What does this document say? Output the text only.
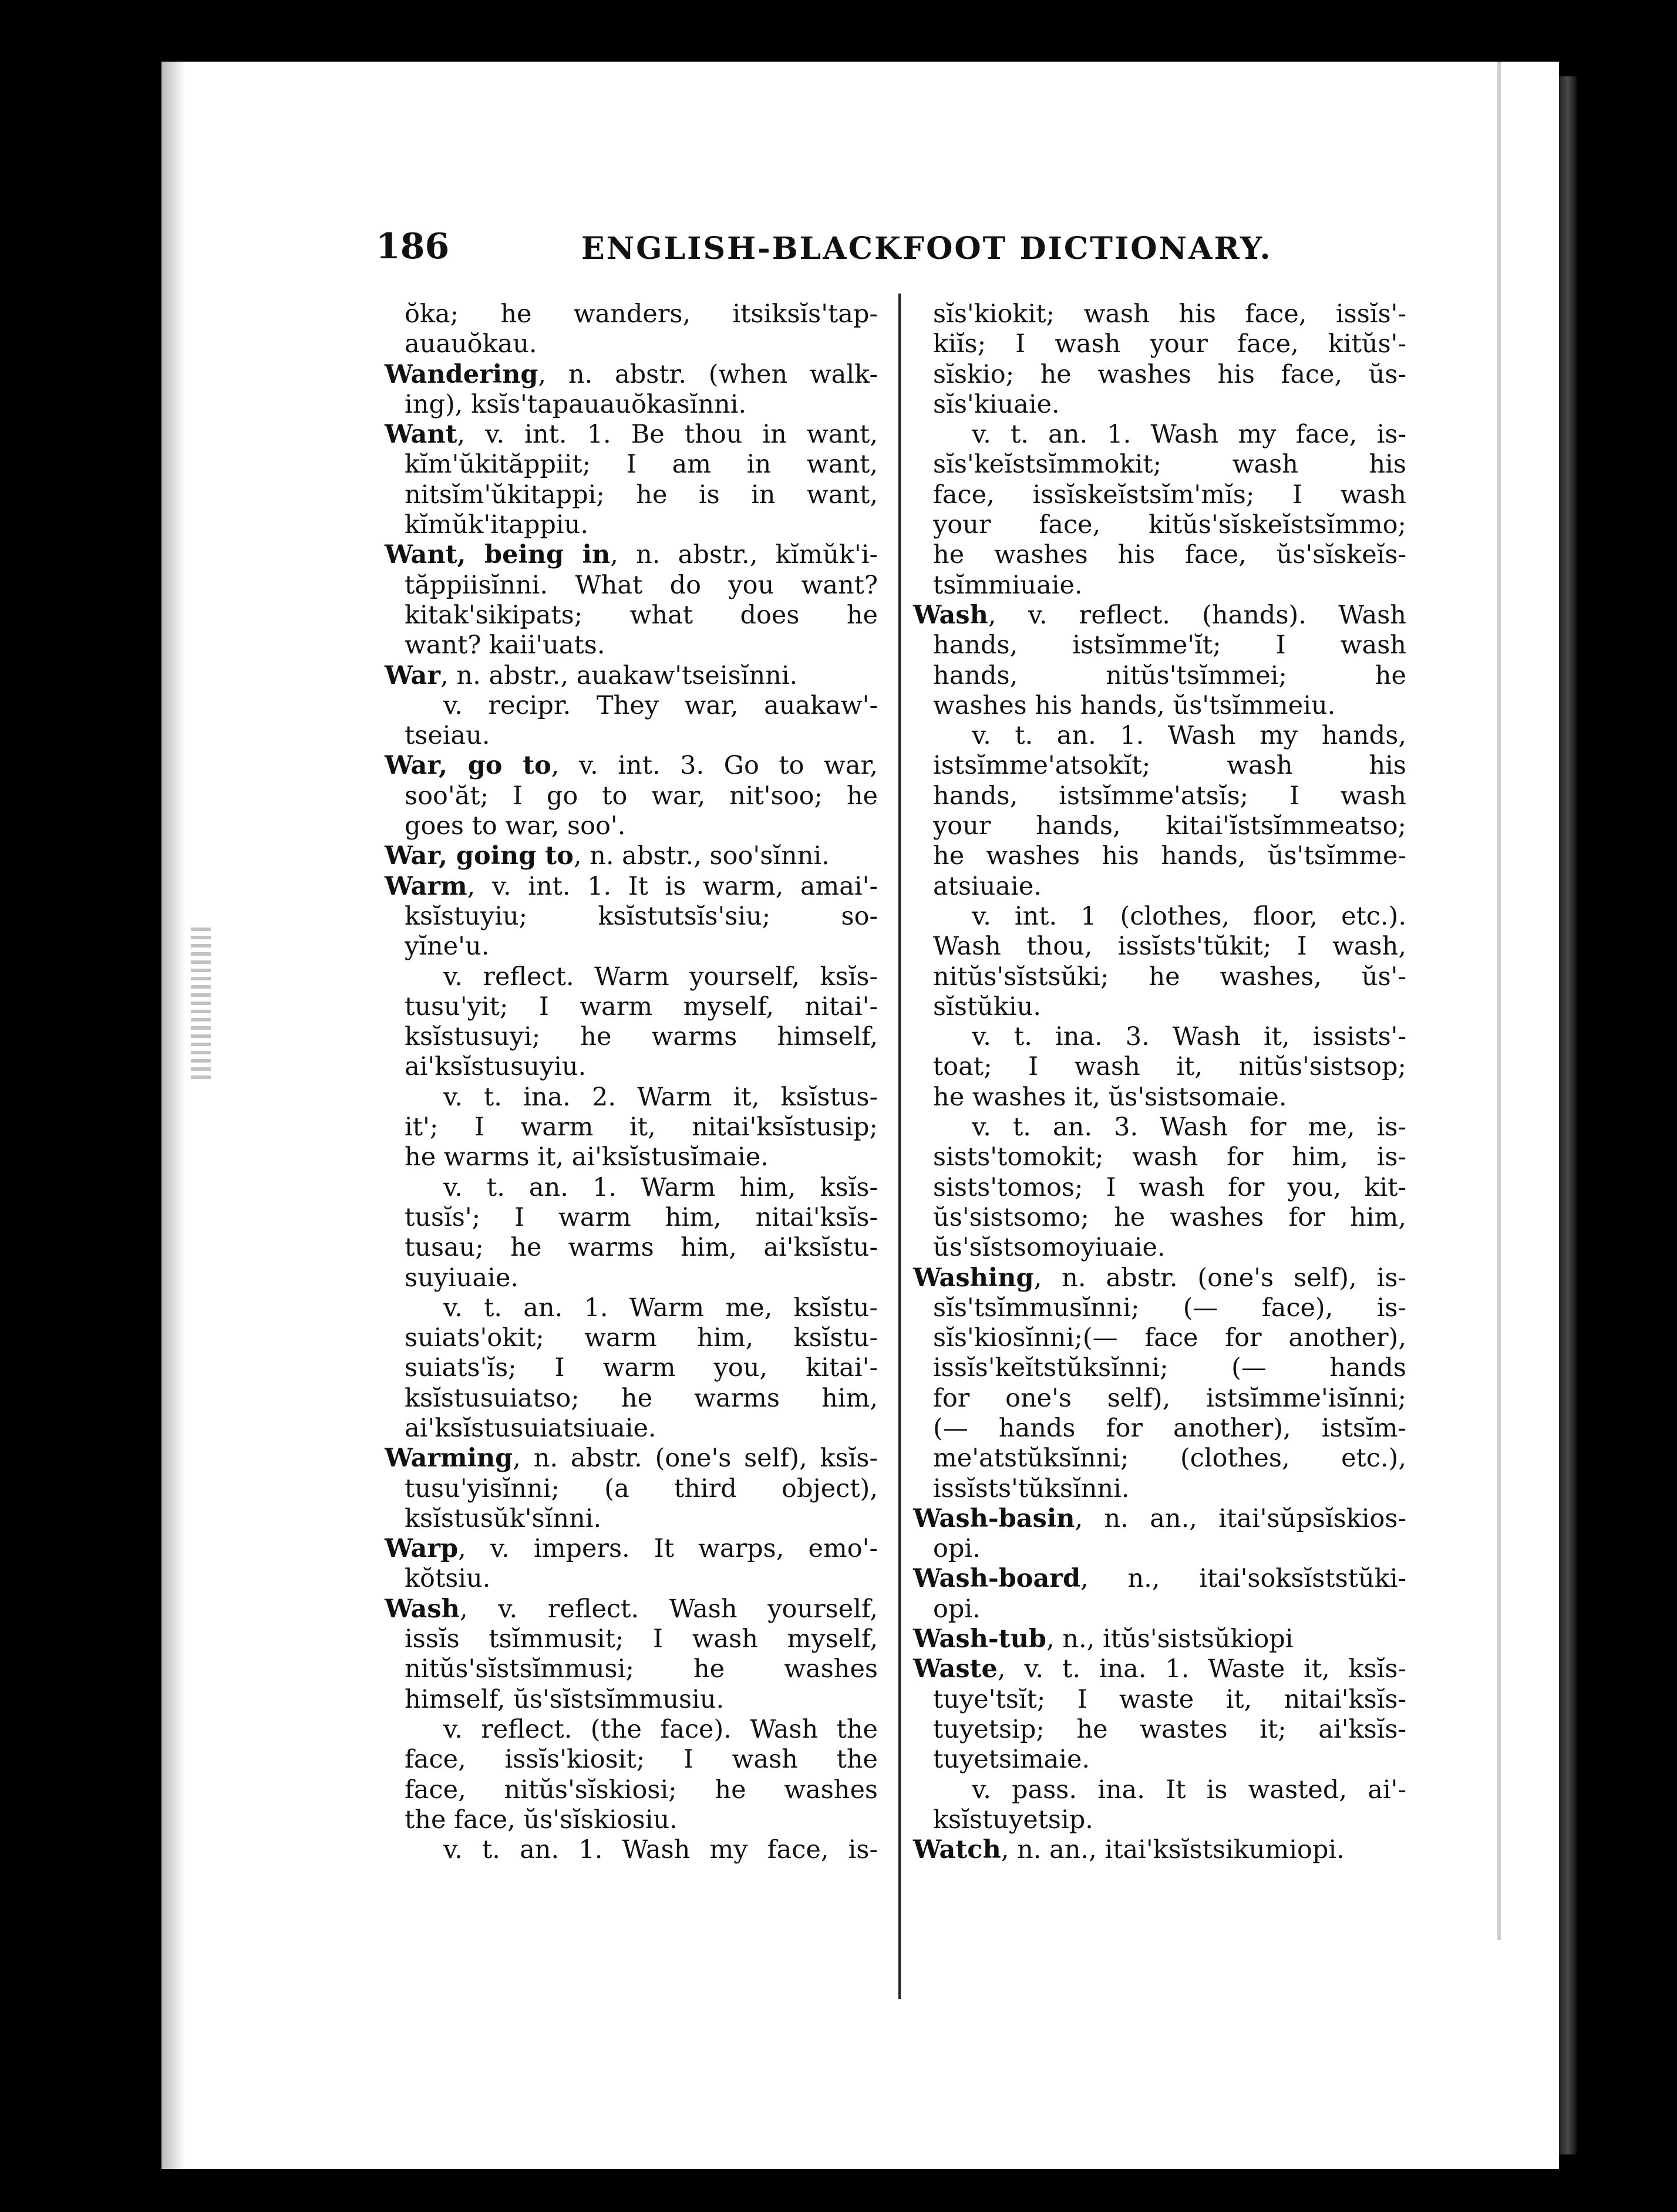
186	ENGLISH-BLACKFOOT DICTIONARY.
ŏka; he wanders, itsiksĭs'tap-
auauŏkau.
Wandering, n. abstr. (when walk-
ing), ksĭs'tapauauŏkasĭnni.
Want, v. int. 1. Be thou in want,
kĭm'ŭkităppiit; I am in want,
nitsĭm'ŭkitappi; he is in want,
kĭmŭk'itappiu.
Want, being in, n. abstr., kĭmŭk'i-
tăppiisĭnni. What do you want?
kitak'sikipats; what does he
want? kaii'uats.
War, n. abstr., auakaw'tseisĭnni.
v. recipr. They war, auakaw'-
tseiau.
War, go to, v. int. 3. Go to war,
soo'ăt; I go to war, nit'soo; he
goes to war, soo'.
War, going to, n. abstr., soo'sĭnni.
Warm, v. int. 1. It is warm, amai'-
ksĭstuyiu; ksĭstutsĭs'siu; so-
yĭne'u.
v. reflect. Warm yourself, ksĭs-
tusu'yit; I warm myself, nitai'-
ksĭstusuyi; he warms himself,
ai'ksĭstusuyiu.
v. t. ina. 2. Warm it, ksĭstus-
it'; I warm it, nitai'ksĭstusip;
he warms it, ai'ksĭstusĭmaie.
v. t. an. 1. Warm him, ksĭs-
tusĭs'; I warm him, nitai'ksĭs-
tusau; he warms him, ai'ksĭstu-
suyiuaie.
v. t. an. 1. Warm me, ksĭstu-
suiats'okit; warm him, ksĭstu-
suiats'ĭs; I warm you, kitai'-
ksĭstusuiatso; he warms him,
ai'ksĭstusuiatsiuaie.
Warming, n. abstr. (one's self), ksĭs-
tusu'yisĭnni; (a third object),
ksĭstusŭk'sĭnni.
Warp, v. impers. It warps, emo'-
kŏtsiu.
Wash, v. reflect. Wash yourself,
issĭs tsĭmmusit; I wash myself,
nitŭs'sĭstsĭmmusi; he washes
himself, ŭs'sĭstsĭmmusiu.
v. reflect. (the face). Wash the
face, issĭs'kiosit; I wash the
face, nitŭs'sĭskiosi; he washes
the face, ŭs'sĭskiosiu.
v. t. an. 1. Wash my face, is-
sĭs'kiokit; wash his face, issĭs'-
kiĭs; I wash your face, kitŭs'-
sĭskio; he washes his face, ŭs-
sĭs'kiuaie.
v. t. an. 1. Wash my face, is-
sĭs'keĭstsĭmmokit; wash his
face, issĭskeĭstsĭm'mĭs; I wash
your face, kitŭs'sĭskeĭstsĭmmo;
he washes his face, ŭs'sĭskeĭs-
tsĭmmiuaie.
Wash, v. reflect. (hands). Wash
hands, istsĭmme'ĭt; I wash
hands, nitŭs'tsĭmmei; he
washes his hands, ŭs'tsĭmmeiu.
v. t. an. 1. Wash my hands,
istsĭmme'atsokĭt; wash his
hands, istsĭmme'atsĭs; I wash
your hands, kitai'ĭstsĭmmeatso;
he washes his hands, ŭs'tsĭmme-
atsiuaie.
v. int. 1 (clothes, floor, etc.).
Wash thou, issĭsts'tŭkit; I wash,
nitŭs'sĭstsŭki; he washes, ŭs'-
sĭstŭkiu.
v. t. ina. 3. Wash it, issists'-
toat; I wash it, nitŭs'sistsop;
he washes it, ŭs'sistsomaie.
v. t. an. 3. Wash for me, is-
sists'tomokit; wash for him, is-
sists'tomos; I wash for you, kit-
ŭs'sistsomo; he washes for him,
ŭs'sĭstsomoyiuaie.
Washing, n. abstr. (one's self), is-
sĭs'tsĭmmusĭnni; (— face), is-
sĭs'kiosĭnni;(— face for another),
issĭs'keĭtstŭksĭnni; (— hands
for one's self), istsĭmme'isĭnni;
(— hands for another), istsĭm-
me'atstŭksĭnni; (clothes, etc.),
issĭsts'tŭksĭnni.
Wash-basin, n. an., itai'sŭpsĭskios-
opi.
Wash-board, n., itai'soksĭststŭki-
opi.
Wash-tub, n., itŭs'sistsŭkiopi
Waste, v. t. ina. 1. Waste it, ksĭs-
tuye'tsĭt; I waste it, nitai'ksĭs-
tuyetsip; he wastes it; ai'ksĭs-
tuyetsimaie.
v. pass. ina. It is wasted, ai'-
ksĭstuyetsip.
Watch, n. an., itai'ksĭstsikumiopi.
